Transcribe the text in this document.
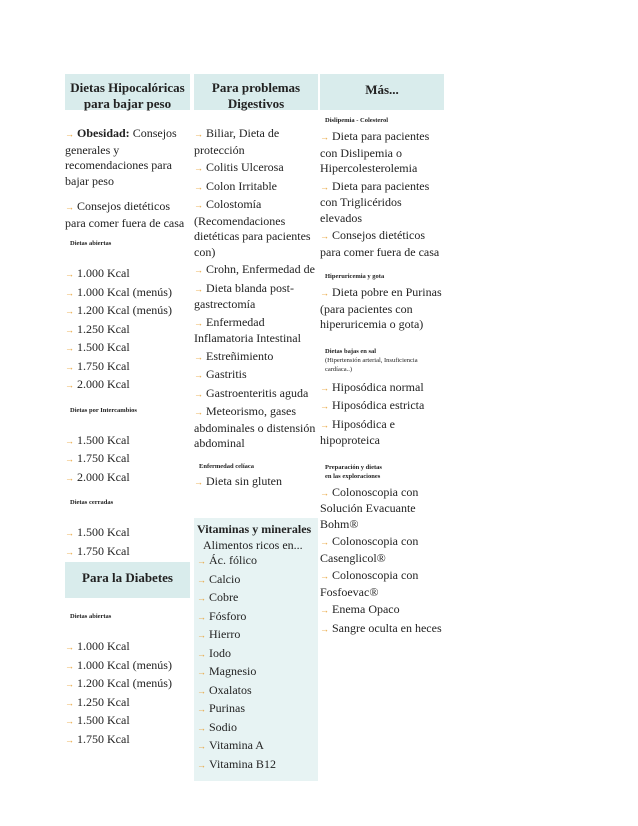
Dietas Hipocalóricas para bajar peso
→ Obesidad: Consejos generales y recomendaciones para bajar peso
→ Consejos dietéticos para comer fuera de casa
Dietas abiertas
→ 1.000 Kcal
→ 1.000 Kcal (menús)
→ 1.200 Kcal (menús)
→ 1.250 Kcal
→ 1.500 Kcal
→ 1.750 Kcal
→ 2.000 Kcal
Dietas por Intercambios
→ 1.500 Kcal
→ 1.750 Kcal
→ 2.000 Kcal
Dietas cerradas
→ 1.500 Kcal
→ 1.750 Kcal
Para la Diabetes
Dietas abiertas
→ 1.000 Kcal
→ 1.000 Kcal (menús)
→ 1.200 Kcal (menús)
→ 1.250 Kcal
→ 1.500 Kcal
→ 1.750 Kcal
Para problemas Digestivos
→ Biliar, Dieta de protección
→ Colitis Ulcerosa
→ Colon Irritable
→ Colostomía (Recomendaciones dietéticas para pacientes con)
→ Crohn, Enfermedad de
→ Dieta blanda post-gastrectomía
→ Enfermedad Inflamatoria Intestinal
→ Estreñimiento
→ Gastritis
→ Gastroenteritis aguda
→ Meteorismo, gases abdominales o distensión abdominal
Enfermedad celíaca
→ Dieta sin gluten
Vitaminas y minerales
Alimentos ricos en...
→ Ác. fólico
→ Calcio
→ Cobre
→ Fósforo
→ Hierro
→ Iodo
→ Magnesio
→ Oxalatos
→ Purinas
→ Sodio
→ Vitamina A
→ Vitamina B12
Más...
Dislipemia - Colesterol
→ Dieta para pacientes con Dislipemia o Hipercolesterolemia
→ Dieta para pacientes con Triglicéridos elevados
→ Consejos dietéticos para comer fuera de casa
Hiperuricemia y gota
→ Dieta pobre en Purinas (para pacientes con hiperuricemia o gota)
Dietas bajas en sal
(Hipertensión arterial, Insuficiencia cardíaca..)
→ Hiposódica normal
→ Hiposódica estricta
→ Hiposódica e hipoproteica
Preparación y dietas
en las exploraciones
→ Colonoscopia con Solución Evacuante Bohm®
→ Colonoscopia con Casenglicol®
→ Colonoscopia con Fosfoevac®
→ Enema Opaco
→ Sangre oculta en heces
